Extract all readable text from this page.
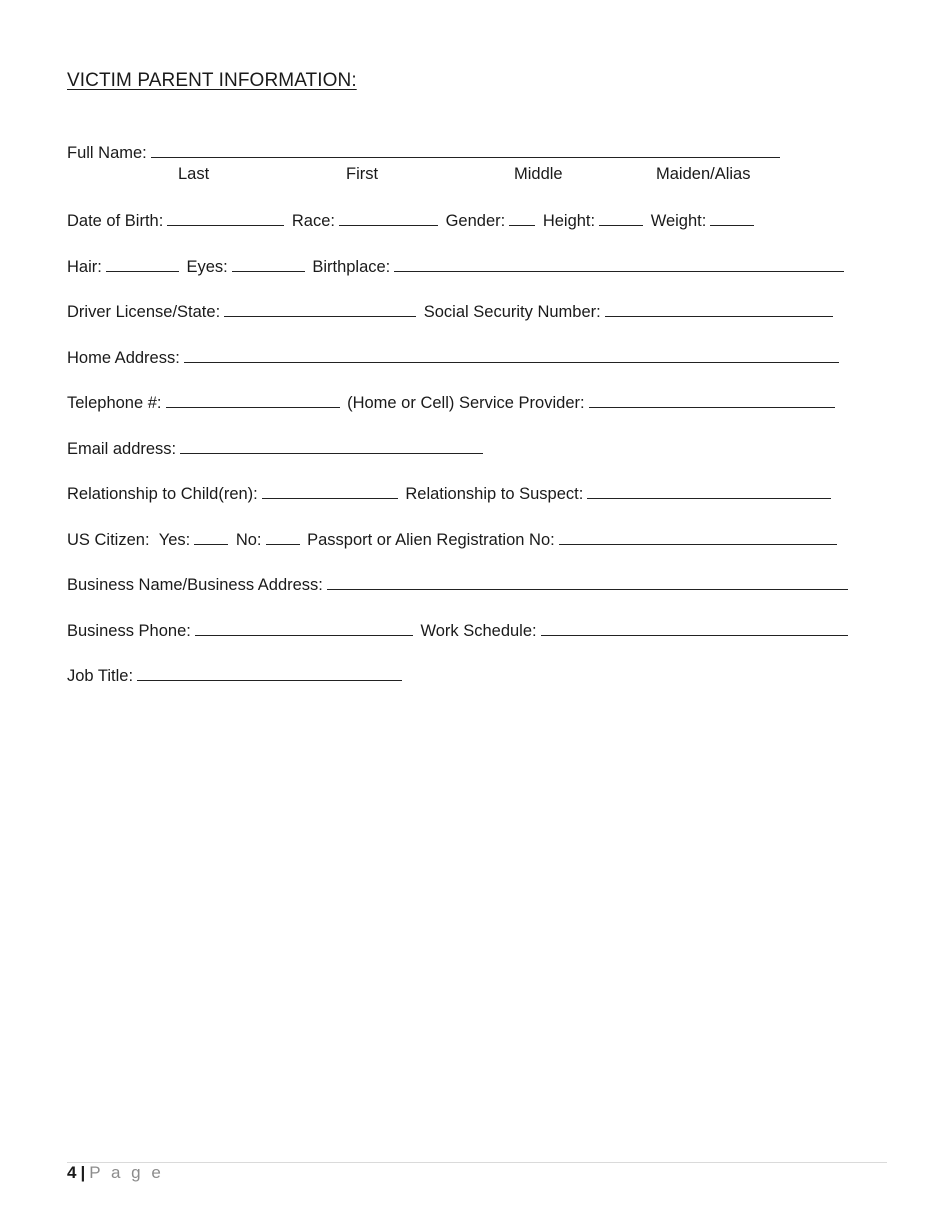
VICTIM PARENT INFORMATION:
Full Name:
Last	First	Middle	Maiden/Alias
Date of Birth:	Race:	Gender: Height:	Weight:
Hair:	Eyes:	Birthplace:
Driver License/State:	Social Security Number:
Home Address:
Telephone #:	(Home or Cell) Service Provider:
Email address:
Relationship to Child(ren):	Relationship to Suspect:
US Citizen: Yes:	No:	Passport or Alien Registration No:
Business Name/Business Address:
Business Phone:	Work Schedule:
Job Title:
4 | P a g e
